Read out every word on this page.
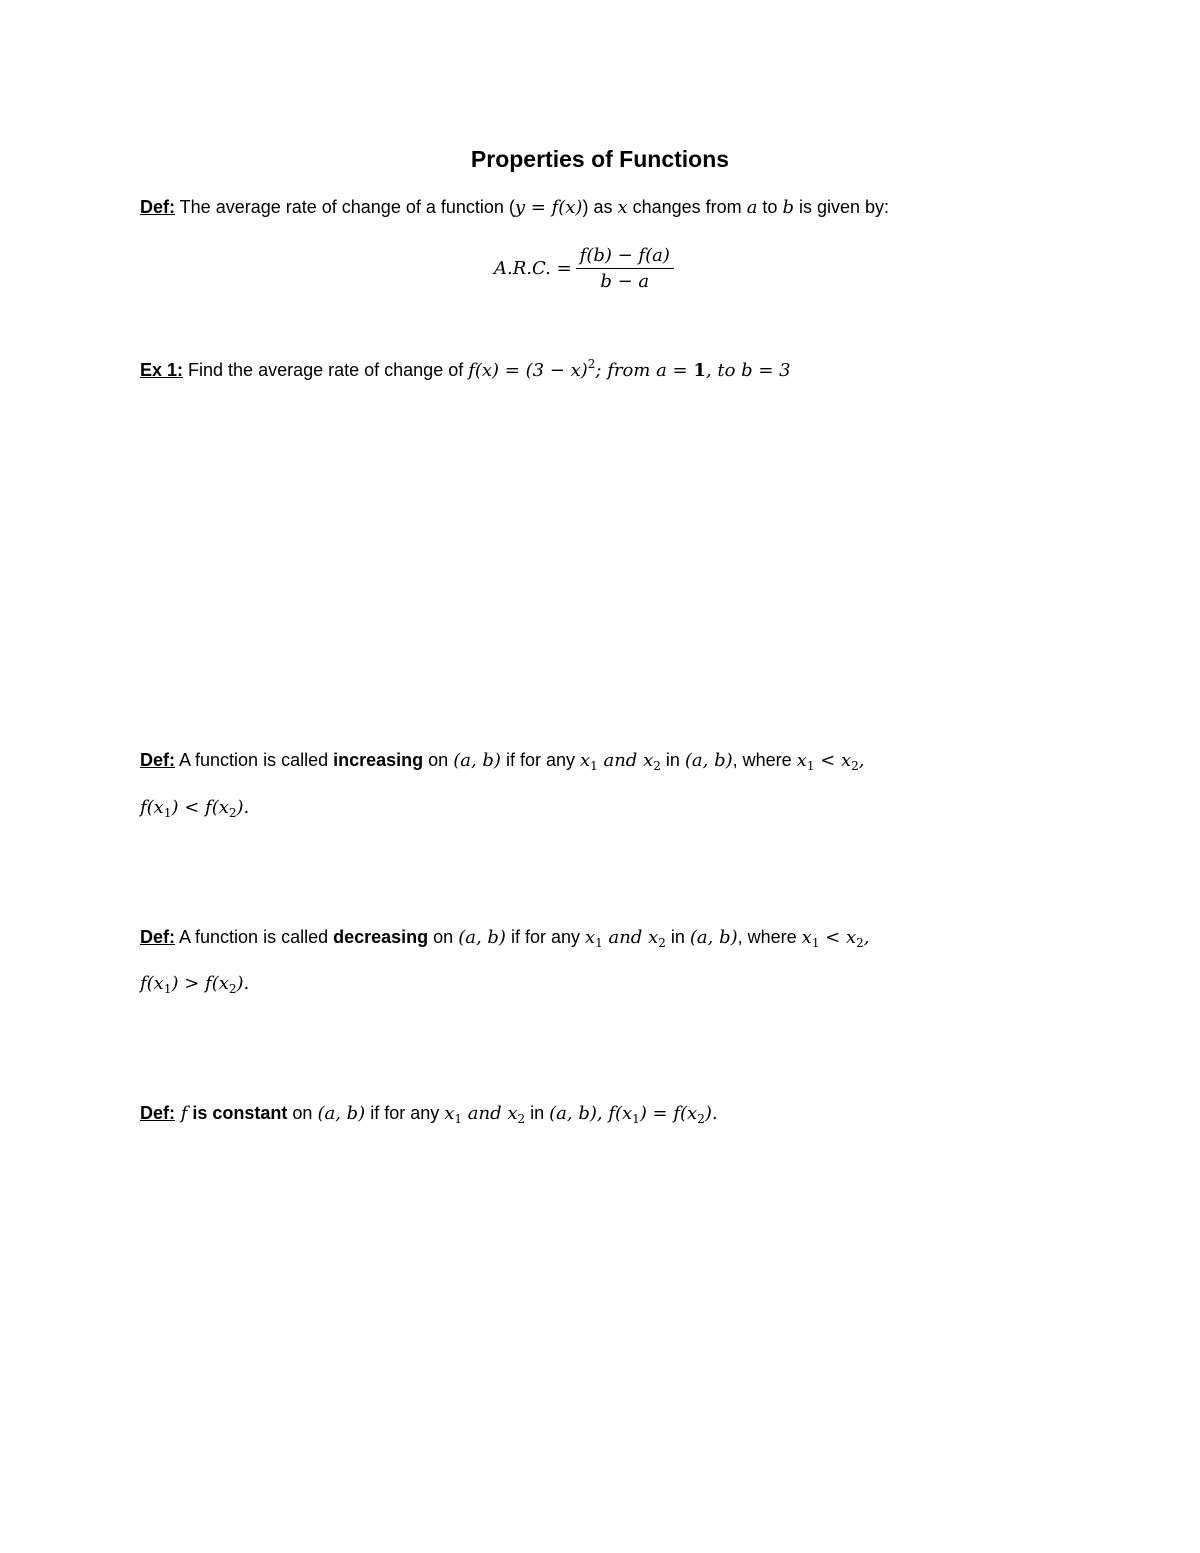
Properties of Functions
Def: The average rate of change of a function (y = f(x)) as x changes from a to b is given by:
A.R.C. = $\frac{f(b) - f(a)}{b - a}$
Ex 1: Find the average rate of change of $f(x) = (3 - x)^2$; from a = 1, to b = 3
Def: A function is called increasing on (a, b) if for any $x_1$ and $x_2$ in (a, b), where $x_1 < x_2$,
$f(x_1) < f(x_2)$.
Def: A function is called decreasing on (a, b) if for any $x_1$ and $x_2$ in (a, b), where $x_1 < x_2$,
$f(x_1) > f(x_2)$.
Def: f is constant on (a, b) if for any $x_1$ and $x_2$ in (a, b), $f(x_1) = f(x_2)$.
